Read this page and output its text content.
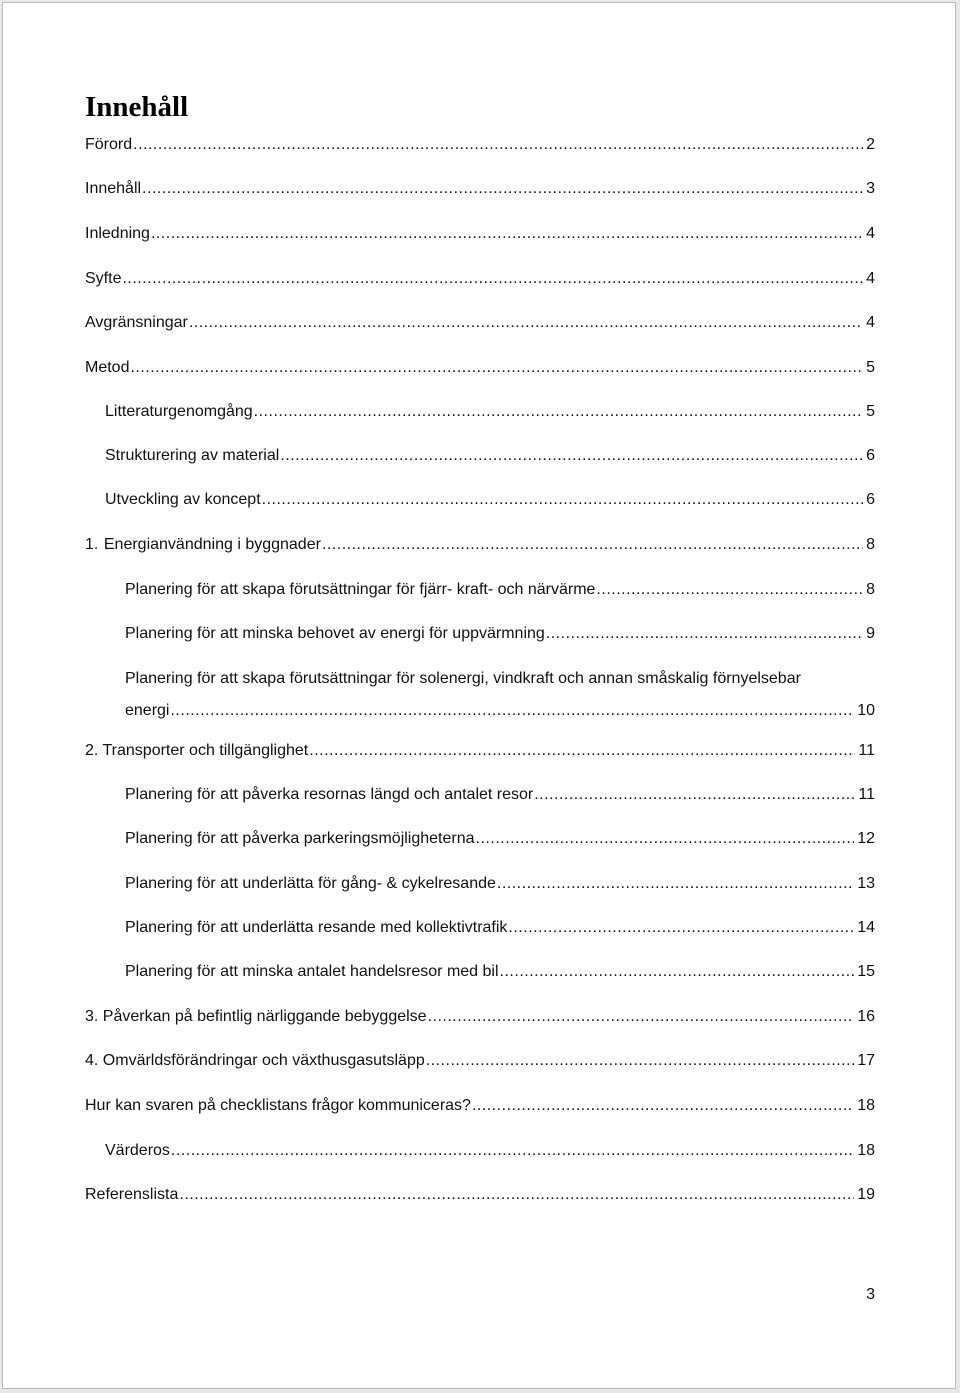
Innehåll
Förord .....	2
Innehåll .....	3
Inledning .....	4
Syfte .....	4
Avgränsningar .....	4
Metod .....	5
Litteraturgenomgång .....	5
Strukturering av material .....	6
Utveckling av koncept .....	6
1. Energianvändning i byggnader .....	8
Planering för att skapa förutsättningar för fjärr- kraft- och närvärme .....	8
Planering för att minska behovet av energi för uppvärmning .....	9
Planering för att skapa förutsättningar för solenergi, vindkraft och annan småskalig förnyelsebar
energi .....	10
2. Transporter och tillgänglighet .....	11
Planering för att påverka resornas längd och antalet resor .....	11
Planering för att påverka parkeringsmöjligheterna .....	12
Planering för att underlätta för gång- & cykelresande .....	13
Planering för att underlätta resande med kollektivtrafik .....	14
Planering för att minska antalet handelsresor med bil .....	15
3. Påverkan på befintlig närliggande bebyggelse .....	16
4. Omvärldsförändringar och växthusgasutsläpp .....	17
Hur kan svaren på checklistans frågor kommuniceras? .....	18
Värderos .....	18
Referenslista .....	19
3
